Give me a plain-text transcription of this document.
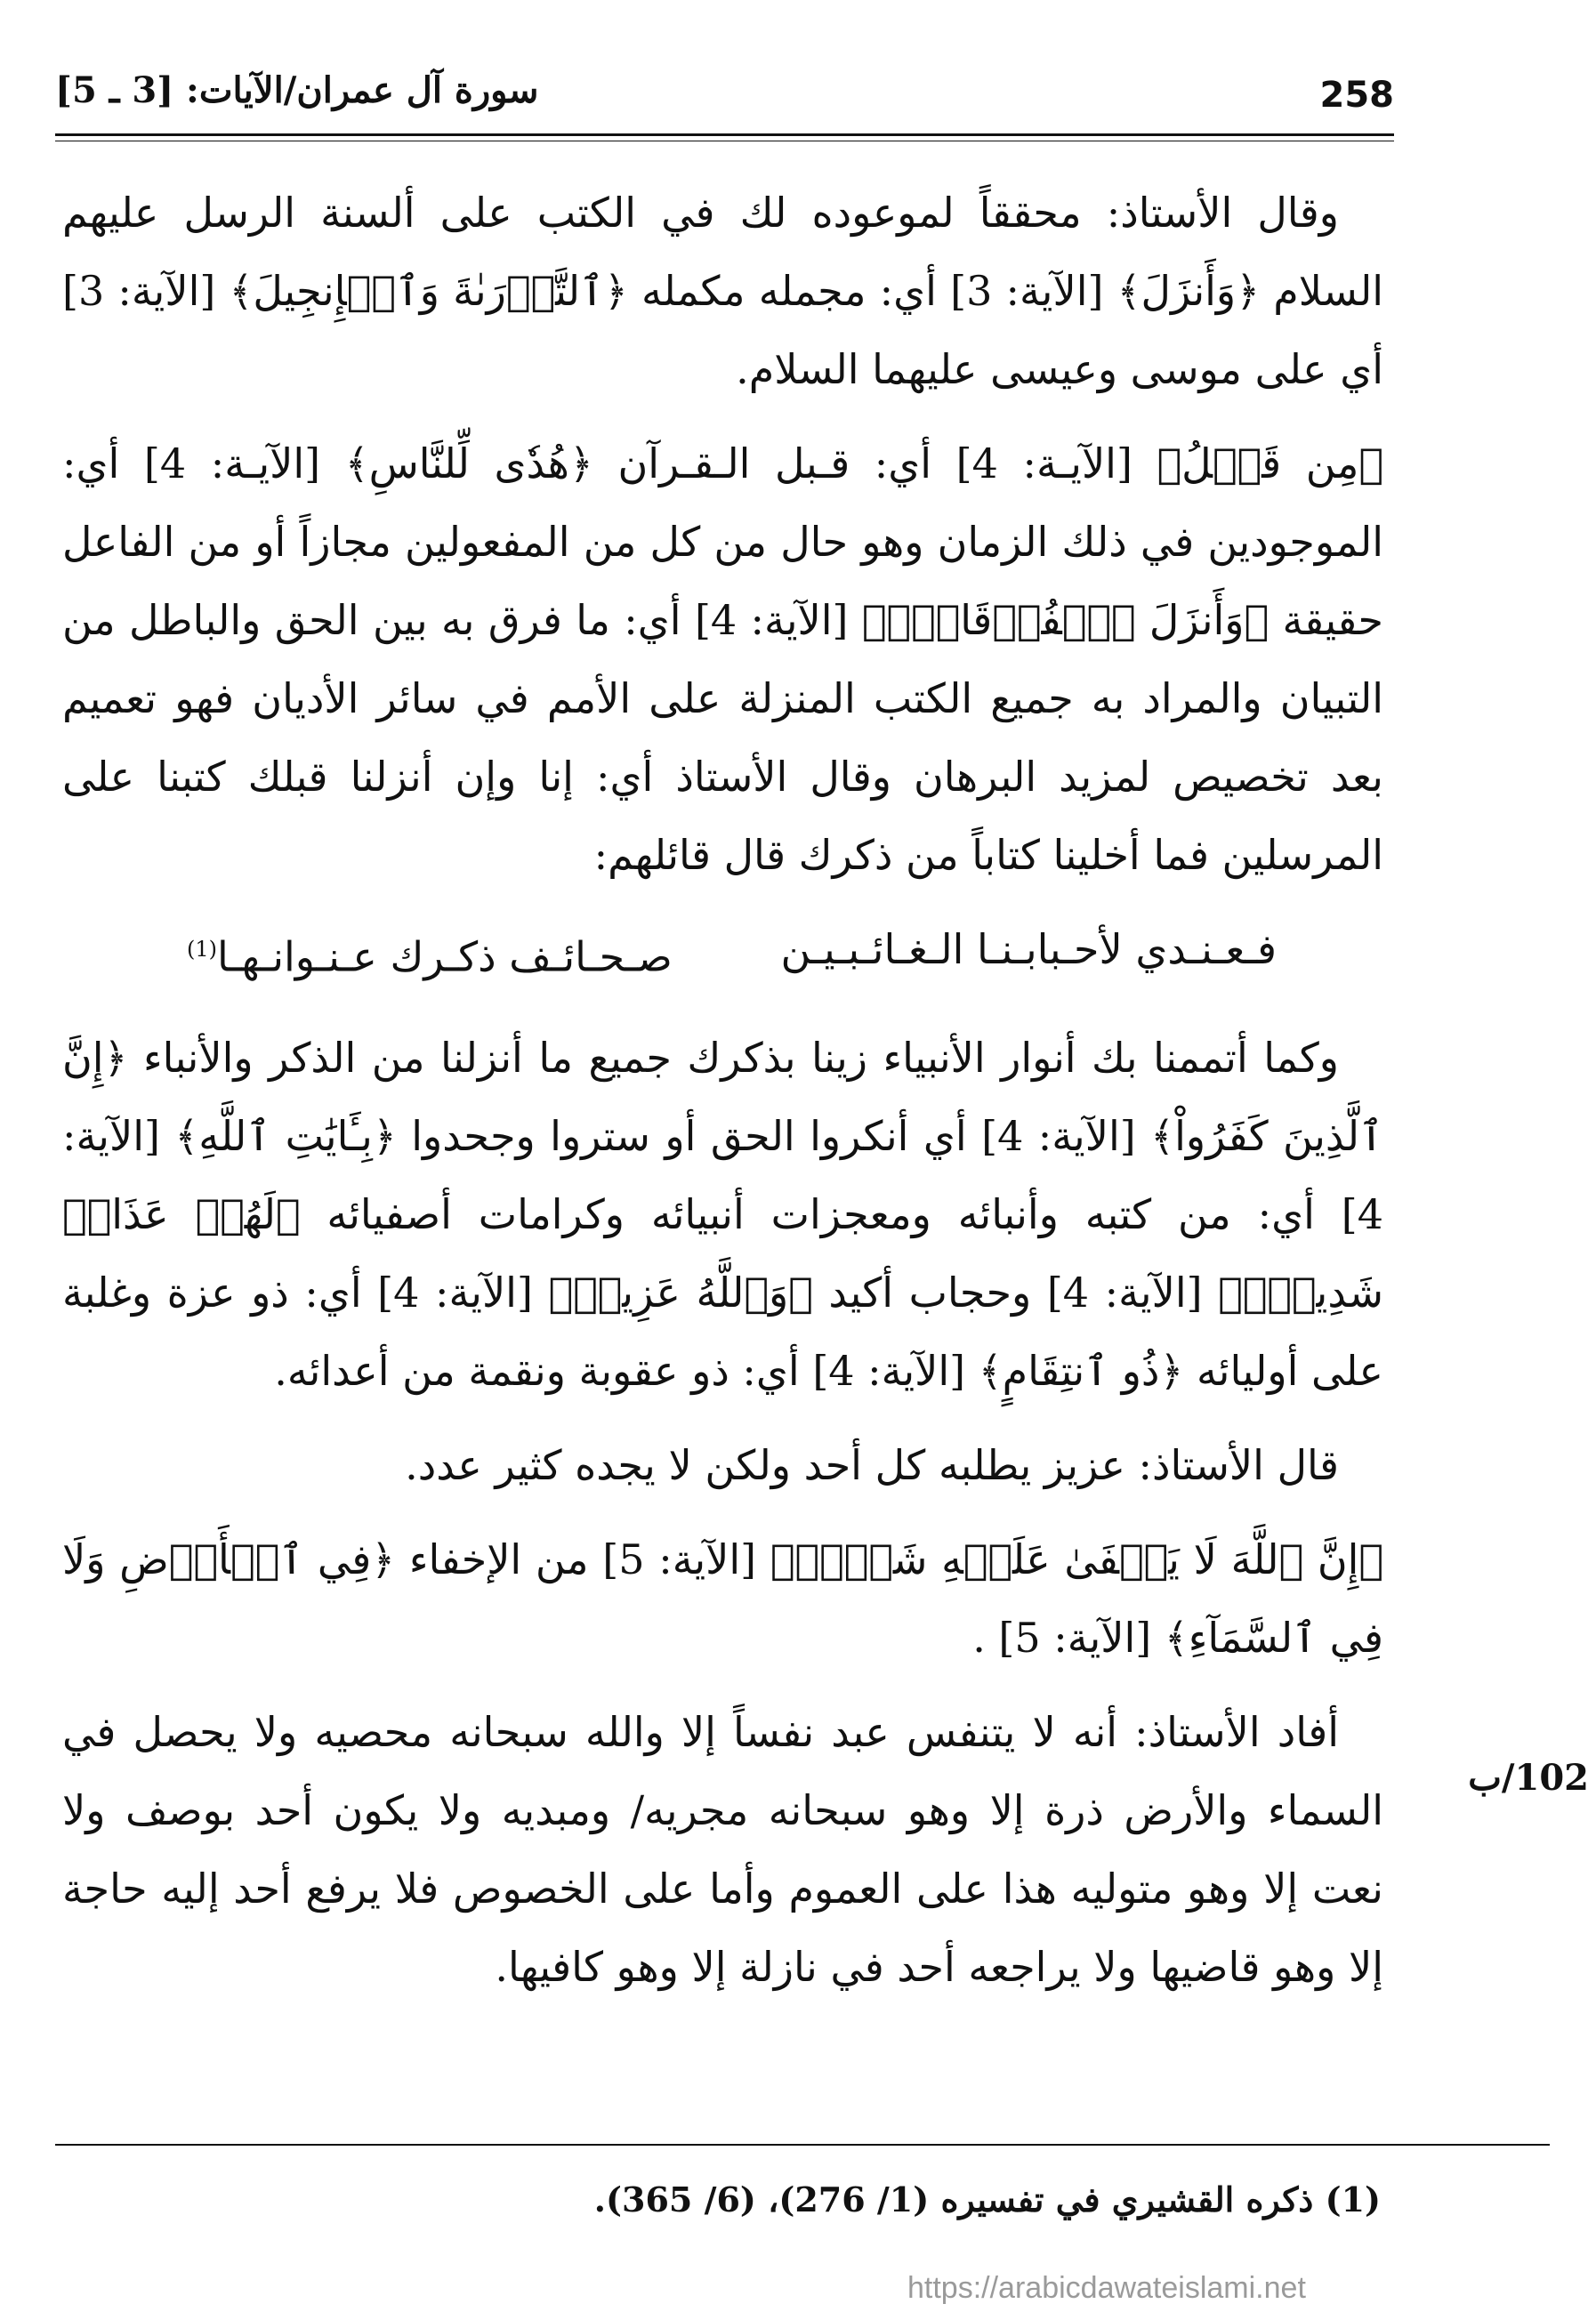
سورة آل عمران/الآيات: [3 ـ 5]	258

وقال الأستاذ: محققاً لموعوده لك في الكتب على ألسنة الرسل عليهم السلام ﴿وَأَنزَلَ﴾ [الآية: 3] أي: مجمله مكمله ﴿ٱلتَّوۡرَىٰةَ وَٱلۡإِنجِيلَ﴾ [الآية: 3] أي على موسى وعيسى عليهما السلام.

﴿مِن قَبۡلُ﴾ [الآيـة: 4] أي: قـبل الـقـرآن ﴿هُدٗى لِّلنَّاسِ﴾ [الآيـة: 4] أي: الموجودين في ذلك الزمان وهو حال من كل من المفعولين مجازاً أو من الفاعل حقيقة ﴿وَأَنزَلَ ٱلۡفُرۡقَانَۗ﴾ [الآية: 4] أي: ما فرق به بين الحق والباطل من التبيان والمراد به جميع الكتب المنزلة على الأمم في سائر الأديان فهو تعميم بعد تخصيص لمزيد البرهان وقال الأستاذ أي: إنا وإن أنزلنا قبلك كتبنا على المرسلين فما أخلينا كتاباً من ذكرك قال قائلهم:

فـعـنـدي لأحـبابـنـا الـغـائـبـيـن
صـحـائـف ذكـرك عـنـوانـهـا$^{(1)}$

وكما أتممنا بك أنوار الأنبياء زينا بذكرك جميع ما أنزلنا من الذكر والأنباء ﴿إِنَّ ٱلَّذِينَ كَفَرُواْ﴾ [الآية: 4] أي أنكروا الحق أو ستروا وجحدوا ﴿بِـَٔايَٰتِ ٱللَّهِ﴾ [الآية: 4] أي: من كتبه وأنبائه ومعجزات أنبيائه وكرامات أصفيائه ﴿لَهُمۡ عَذَابٞ شَدِيدٞۗ﴾ [الآية: 4] وحجاب أكيد ﴿وَٱللَّهُ عَزِيزٞ﴾ [الآية: 4] أي: ذو عزة وغلبة على أوليائه ﴿ذُو ٱنتِقَامٍ﴾ [الآية: 4] أي: ذو عقوبة ونقمة من أعدائه.

قال الأستاذ: عزيز يطلبه كل أحد ولكن لا يجده كثير عدد.

﴿إِنَّ ٱللَّهَ لَا يَخۡفَىٰ عَلَيۡهِ شَيۡءٞ﴾ [الآية: 5] من الإخفاء ﴿فِي ٱلۡأَرۡضِ وَلَا فِي ٱلسَّمَآءِ﴾ [الآية: 5] .

أفاد الأستاذ: أنه لا يتنفس عبد نفساً إلا والله سبحانه محصيه ولا يحصل في السماء والأرض ذرة إلا وهو سبحانه مجريه/ ومبديه ولا يكون أحد بوصف ولا نعت إلا وهو متوليه هذا على العموم وأما على الخصوص فلا يرفع أحد إليه حاجة إلا وهو قاضيها ولا يراجعه أحد في نازلة إلا وهو كافيها.

102/ب
(1) ذكره القشيري في تفسيره (1/ 276)، (6/ 365).
https://arabicdawateislami.net
